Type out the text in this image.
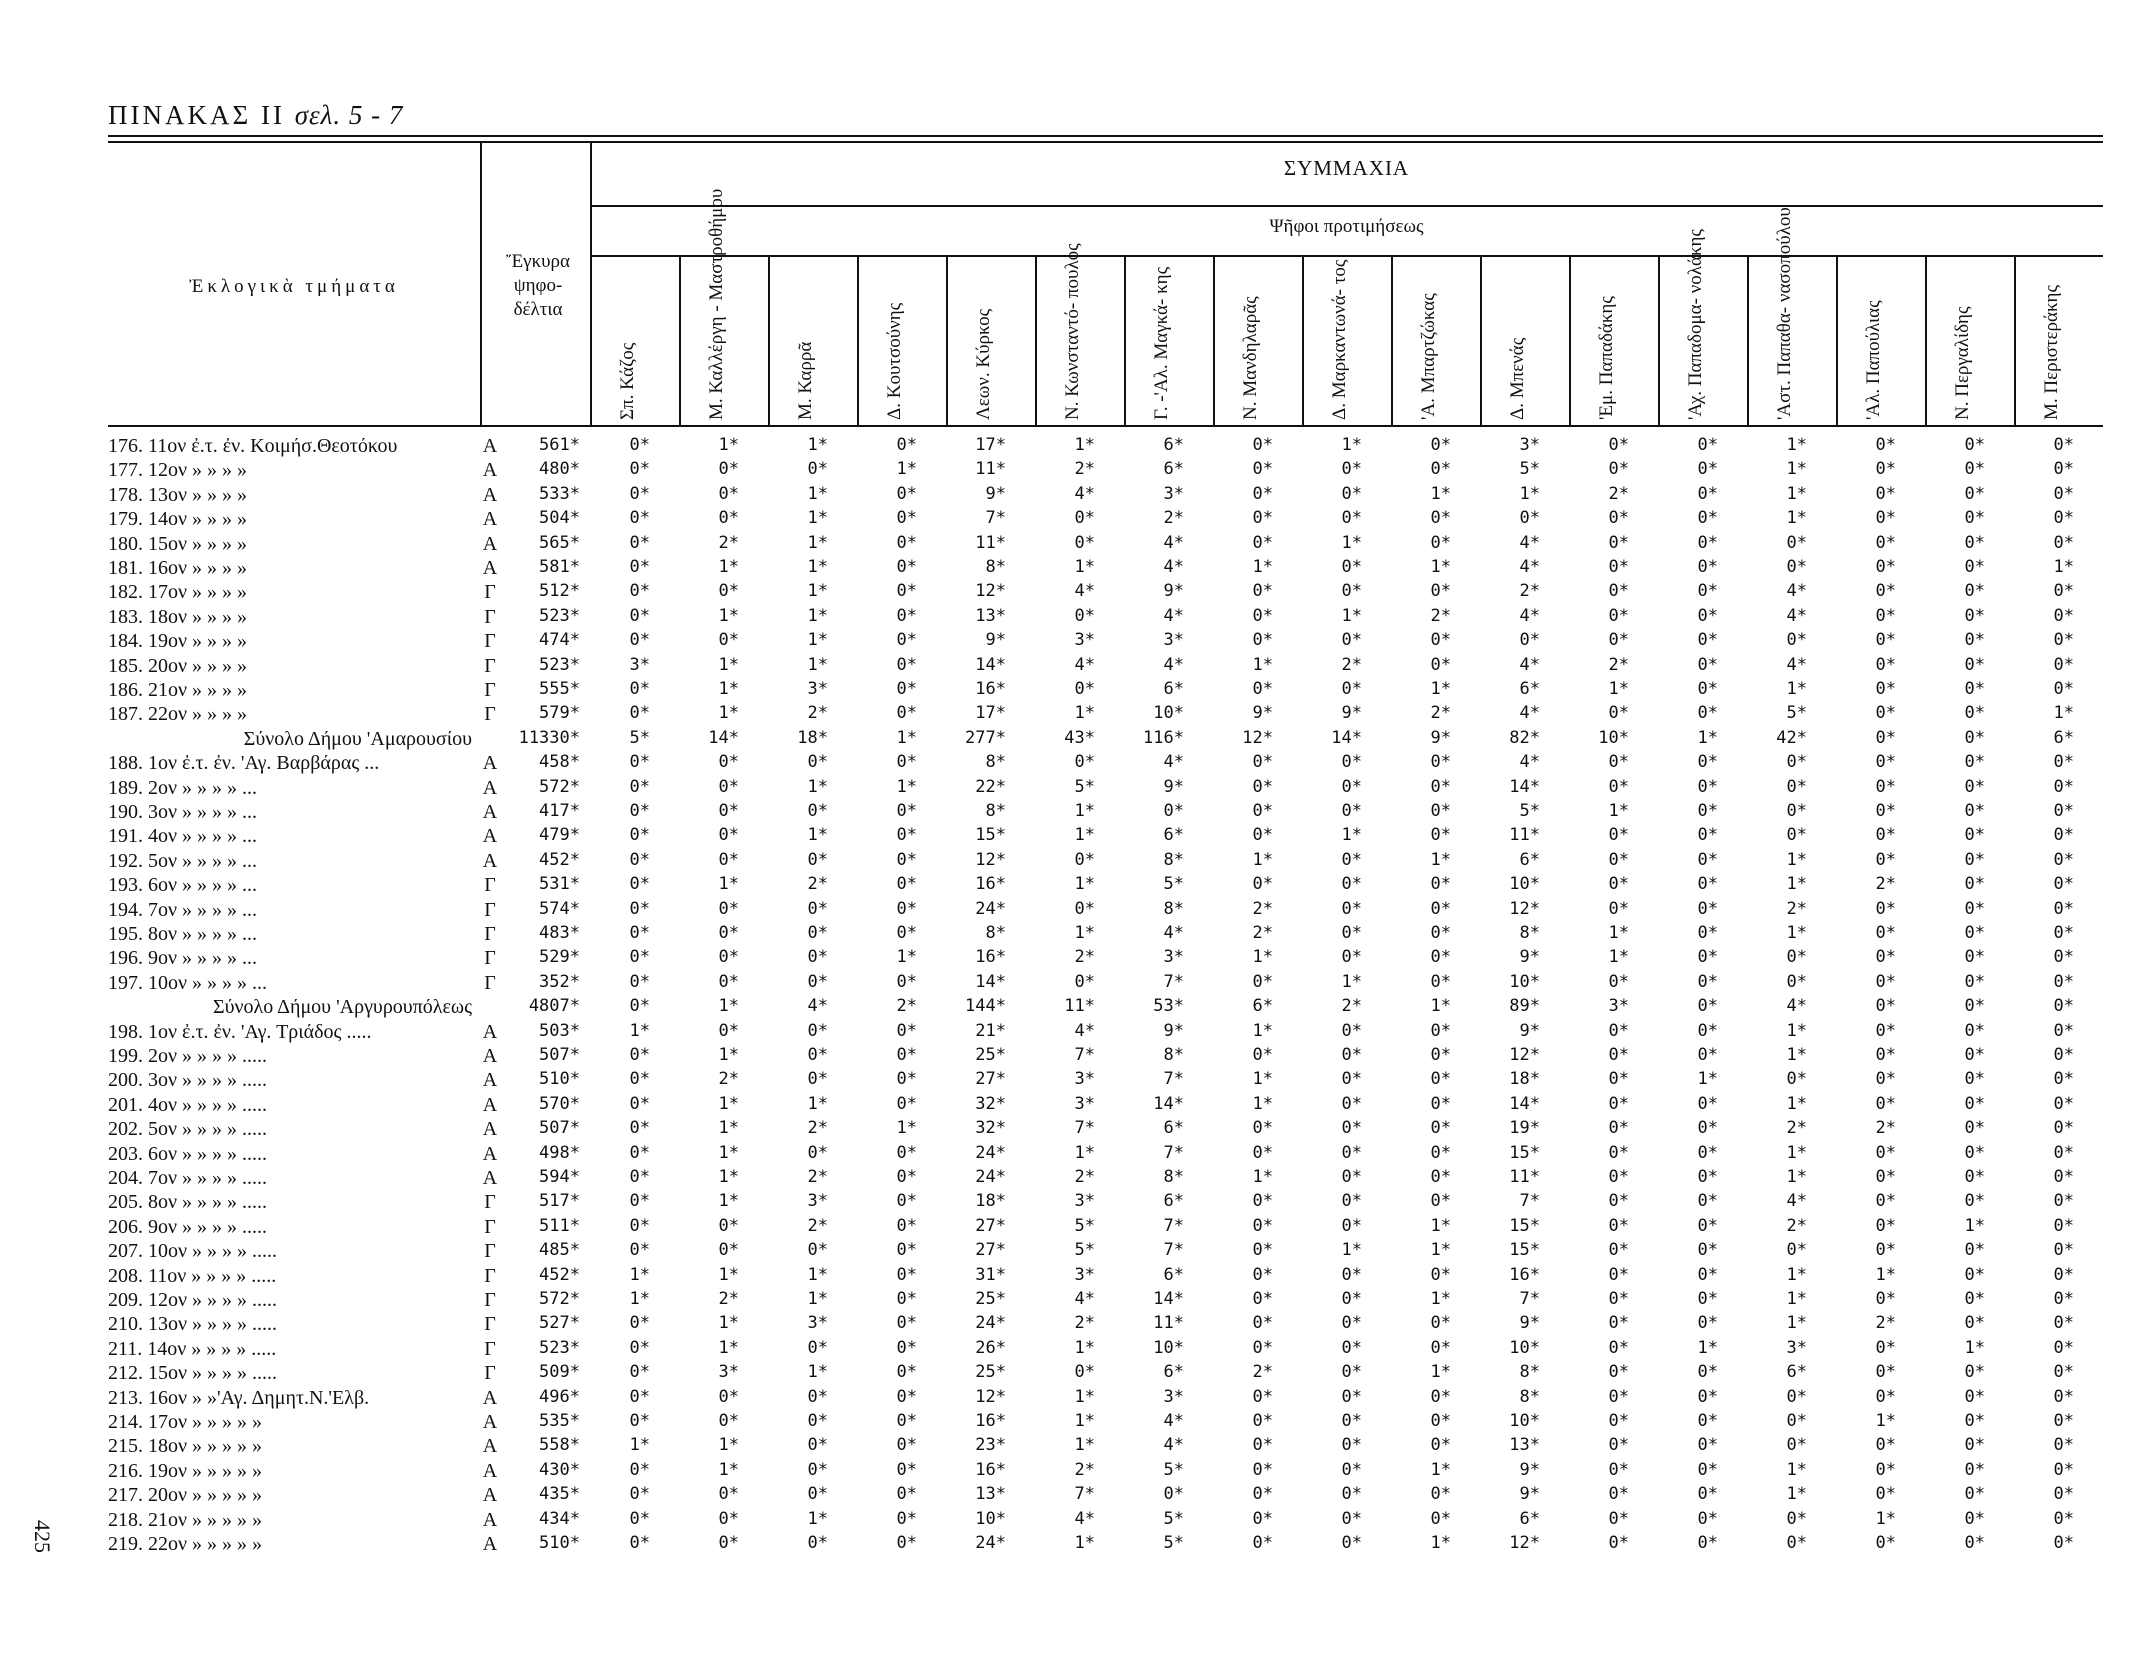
ΠΙΝΑΚΑΣ ΙΙ σελ. 5 - 7
425
Ἐκλογικὰ τμήματα
Ἔγκυρα ψηφο- δέλτια
ΣΥΜΜΑΧΙΑ
Ψῆφοι προτιμήσεως
Σπ. Κάζος	Μ. Καλλέργη - Μαστροθήμου	Μ. Καρρᾶ	Δ. Κουτσούνης	Λεων. Κύρκος	Ν. Κωνσταντό- πουλος	Γ. -'Αλ. Μαγκά- κης	Ν. Μανδηλαρᾶς	Δ. Μαρκαντωνά- τος	'Α. Μπαρτζώκας	Δ. Μπενάς	'Εμ. Παπαδάκης	'Αχ. Παπαδομα- νολάκης	'Αστ. Παπαθα- νασοπούλου	'Αλ. Παπούλιας	Ν. Περγαλίδης	Μ. Περιστεράκης
176. 11ον ἐ.τ. ἐν. Κοιμήσ.Θεοτόκου	Α	561*	0*	1*	1*	0*	17*	1*	6*	0*	1*	0*	3*	0*	0*	1*	0*	0*	0*
177. 12ον » » » »	Α	480*	0*	0*	0*	1*	11*	2*	6*	0*	0*	0*	5*	0*	0*	1*	0*	0*	0*
178. 13ον » » » »	Α	533*	0*	0*	1*	0*	9*	4*	3*	0*	0*	1*	1*	2*	0*	1*	0*	0*	0*
179. 14ον » » » »	Α	504*	0*	0*	1*	0*	7*	0*	2*	0*	0*	0*	0*	0*	0*	1*	0*	0*	0*
180. 15ον » » » »	Α	565*	0*	2*	1*	0*	11*	0*	4*	0*	1*	0*	4*	0*	0*	0*	0*	0*	0*
181. 16ον » » » »	Α	581*	0*	1*	1*	0*	8*	1*	4*	1*	0*	1*	4*	0*	0*	0*	0*	0*	1*
182. 17ον » » » »	Γ	512*	0*	0*	1*	0*	12*	4*	9*	0*	0*	0*	2*	0*	0*	4*	0*	0*	0*
183. 18ον » » » »	Γ	523*	0*	1*	1*	0*	13*	0*	4*	0*	1*	2*	4*	0*	0*	4*	0*	0*	0*
184. 19ον » » » »	Γ	474*	0*	0*	1*	0*	9*	3*	3*	0*	0*	0*	0*	0*	0*	0*	0*	0*	0*
185. 20ον » » » »	Γ	523*	3*	1*	1*	0*	14*	4*	4*	1*	2*	0*	4*	2*	0*	4*	0*	0*	0*
186. 21ον » » » »	Γ	555*	0*	1*	3*	0*	16*	0*	6*	0*	0*	1*	6*	1*	0*	1*	0*	0*	0*
187. 22ον » » » »	Γ	579*	0*	1*	2*	0*	17*	1*	10*	9*	9*	2*	4*	0*	0*	5*	0*	0*	1*
Σύνολο Δήμου 'Αμαρουσίου	11330*	5*	14*	18*	1*	277*	43*	116*	12*	14*	9*	82*	10*	1*	42*	0*	0*	6*
188. 1ον ἐ.τ. ἐν. 'Αγ. Βαρβάρας ...	Α	458*	0*	0*	0*	0*	8*	0*	4*	0*	0*	0*	4*	0*	0*	0*	0*	0*	0*
189. 2ον » » » » ...	Α	572*	0*	0*	1*	1*	22*	5*	9*	0*	0*	0*	14*	0*	0*	0*	0*	0*	0*
190. 3ον » » » » ...	Α	417*	0*	0*	0*	0*	8*	1*	0*	0*	0*	0*	5*	1*	0*	0*	0*	0*	0*
191. 4ον » » » » ...	Α	479*	0*	0*	1*	0*	15*	1*	6*	0*	1*	0*	11*	0*	0*	0*	0*	0*	0*
192. 5ον » » » » ...	Α	452*	0*	0*	0*	0*	12*	0*	8*	1*	0*	1*	6*	0*	0*	1*	0*	0*	0*
193. 6ον » » » » ...	Γ	531*	0*	1*	2*	0*	16*	1*	5*	0*	0*	0*	10*	0*	0*	1*	2*	0*	0*
194. 7ον » » » » ...	Γ	574*	0*	0*	0*	0*	24*	0*	8*	2*	0*	0*	12*	0*	0*	2*	0*	0*	0*
195. 8ον » » » » ...	Γ	483*	0*	0*	0*	0*	8*	1*	4*	2*	0*	0*	8*	1*	0*	1*	0*	0*	0*
196. 9ον » » » » ...	Γ	529*	0*	0*	0*	1*	16*	2*	3*	1*	0*	0*	9*	1*	0*	0*	0*	0*	0*
197. 10ον » » » » ...	Γ	352*	0*	0*	0*	0*	14*	0*	7*	0*	1*	0*	10*	0*	0*	0*	0*	0*	0*
Σύνολο Δήμου 'Αργυρουπόλεως	4807*	0*	1*	4*	2*	144*	11*	53*	6*	2*	1*	89*	3*	0*	4*	0*	0*	0*
198. 1ον ἐ.τ. ἐν. 'Αγ. Τριάδος .....	Α	503*	1*	0*	0*	0*	21*	4*	9*	1*	0*	0*	9*	0*	0*	1*	0*	0*	0*
199. 2ον » » » » .....	Α	507*	0*	1*	0*	0*	25*	7*	8*	0*	0*	0*	12*	0*	0*	1*	0*	0*	0*
200. 3ον » » » » .....	Α	510*	0*	2*	0*	0*	27*	3*	7*	1*	0*	0*	18*	0*	1*	0*	0*	0*	0*
201. 4ον » » » » .....	Α	570*	0*	1*	1*	0*	32*	3*	14*	1*	0*	0*	14*	0*	0*	1*	0*	0*	0*
202. 5ον » » » » .....	Α	507*	0*	1*	2*	1*	32*	7*	6*	0*	0*	0*	19*	0*	0*	2*	2*	0*	0*
203. 6ον » » » » .....	Α	498*	0*	1*	0*	0*	24*	1*	7*	0*	0*	0*	15*	0*	0*	1*	0*	0*	0*
204. 7ον » » » » .....	Α	594*	0*	1*	2*	0*	24*	2*	8*	1*	0*	0*	11*	0*	0*	1*	0*	0*	0*
205. 8ον » » » » .....	Γ	517*	0*	1*	3*	0*	18*	3*	6*	0*	0*	0*	7*	0*	0*	4*	0*	0*	0*
206. 9ον » » » » .....	Γ	511*	0*	0*	2*	0*	27*	5*	7*	0*	0*	1*	15*	0*	0*	2*	0*	1*	0*
207. 10ον » » » » .....	Γ	485*	0*	0*	0*	0*	27*	5*	7*	0*	1*	1*	15*	0*	0*	0*	0*	0*	0*
208. 11ον » » » » .....	Γ	452*	1*	1*	1*	0*	31*	3*	6*	0*	0*	0*	16*	0*	0*	1*	1*	0*	0*
209. 12ον » » » » .....	Γ	572*	1*	2*	1*	0*	25*	4*	14*	0*	0*	1*	7*	0*	0*	1*	0*	0*	0*
210. 13ον » » » » .....	Γ	527*	0*	1*	3*	0*	24*	2*	11*	0*	0*	0*	9*	0*	0*	1*	2*	0*	0*
211. 14ον » » » » .....	Γ	523*	0*	1*	0*	0*	26*	1*	10*	0*	0*	0*	10*	0*	1*	3*	0*	1*	0*
212. 15ον » » » » .....	Γ	509*	0*	3*	1*	0*	25*	0*	6*	2*	0*	1*	8*	0*	0*	6*	0*	0*	0*
213. 16ον » »'Αγ. Δημητ.Ν.'Ελβ.	Α	496*	0*	0*	0*	0*	12*	1*	3*	0*	0*	0*	8*	0*	0*	0*	0*	0*	0*
214. 17ον » » » » »	Α	535*	0*	0*	0*	0*	16*	1*	4*	0*	0*	0*	10*	0*	0*	0*	1*	0*	0*
215. 18ον » » » » »	Α	558*	1*	1*	0*	0*	23*	1*	4*	0*	0*	0*	13*	0*	0*	0*	0*	0*	0*
216. 19ον » » » » »	Α	430*	0*	1*	0*	0*	16*	2*	5*	0*	0*	1*	9*	0*	0*	1*	0*	0*	0*
217. 20ον » » » » »	Α	435*	0*	0*	0*	0*	13*	7*	0*	0*	0*	0*	9*	0*	0*	1*	0*	0*	0*
218. 21ον » » » » »	Α	434*	0*	0*	1*	0*	10*	4*	5*	0*	0*	0*	6*	0*	0*	0*	1*	0*	0*
219. 22ον » » » » »	Α	510*	0*	0*	0*	0*	24*	1*	5*	0*	0*	1*	12*	0*	0*	0*	0*	0*	0*
